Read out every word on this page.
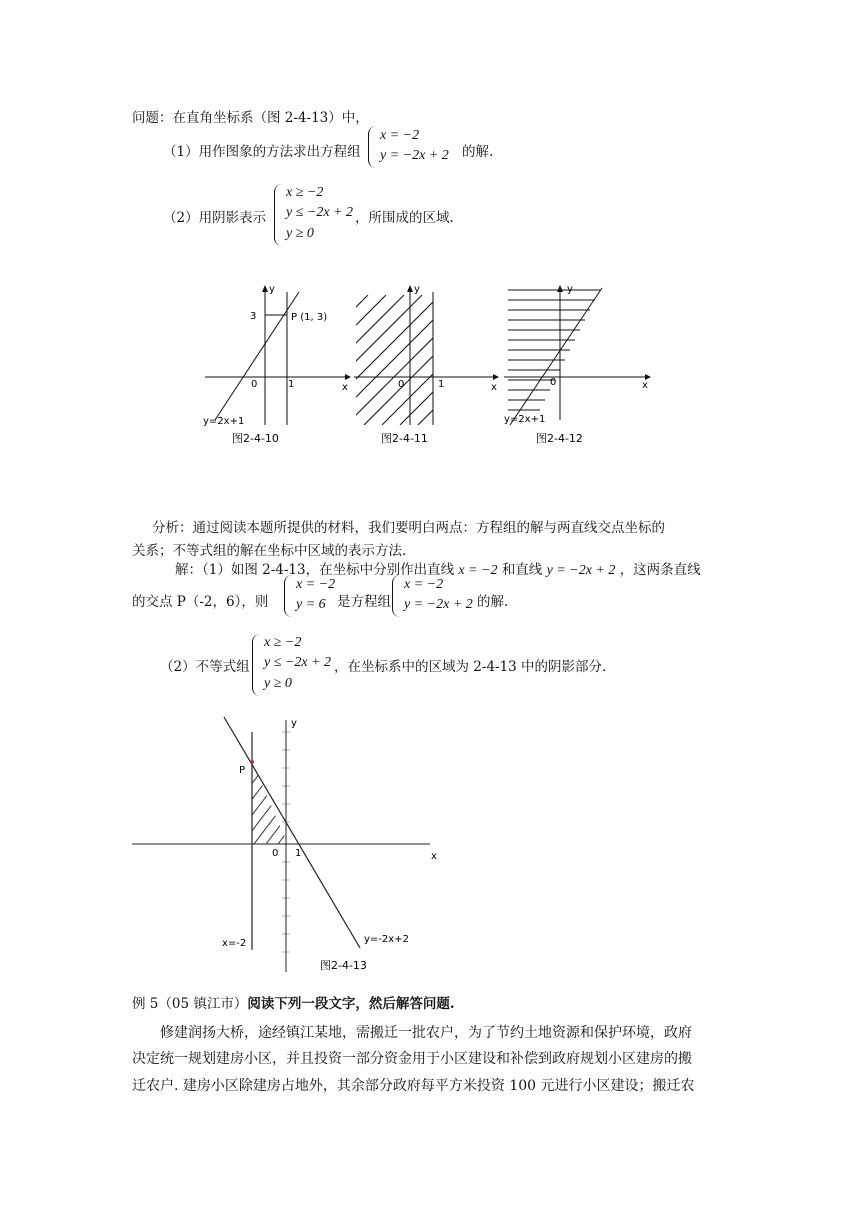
问题：在直角坐标系（图 2-4-13）中，
（1）用作图象的方法求出方程组
x = −2
y = −2x + 2 的解.
（2）用阴影表示
x ≥ −2
y ≤ −2x + 2
y ≥ 0
，所围成的区域.
y
x
0	1
3	P (1, 3)
y=2x+1
图2-4-10
y
x
0	1
图2-4-11
y
x
0
y=2x+1
图2-4-12
分析：通过阅读本题所提供的材料，我们要明白两点：方程组的解与两直线交点坐标的
关系；不等式组的解在坐标中区域的表示方法.
解：（1）如图 2-4-13，在坐标中分别作出直线 x = −2 和直线 y = −2x + 2 ，这两条直线
的交点 P（-2，6），则
x = −2
y = 6 是方程组
x = −2
y = −2x + 2 的解.
（2）不等式组
x ≥ −2
y ≤ −2x + 2
y ≥ 0
，在坐标系中的区域为 2-4-13 中的阴影部分.
y
x
0 1
P
x=-2	y=-2x+2
图2-4-13
例 5（05 镇江市）阅读下列一段文字，然后解答问题.
修建润扬大桥，途经镇江某地，需搬迁一批农户，为了节约土地资源和保护环境，政府
决定统一规划建房小区，并且投资一部分资金用于小区建设和补偿到政府规划小区建房的搬
迁农户. 建房小区除建房占地外，其余部分政府每平方米投资 100 元进行小区建设；搬迁农
